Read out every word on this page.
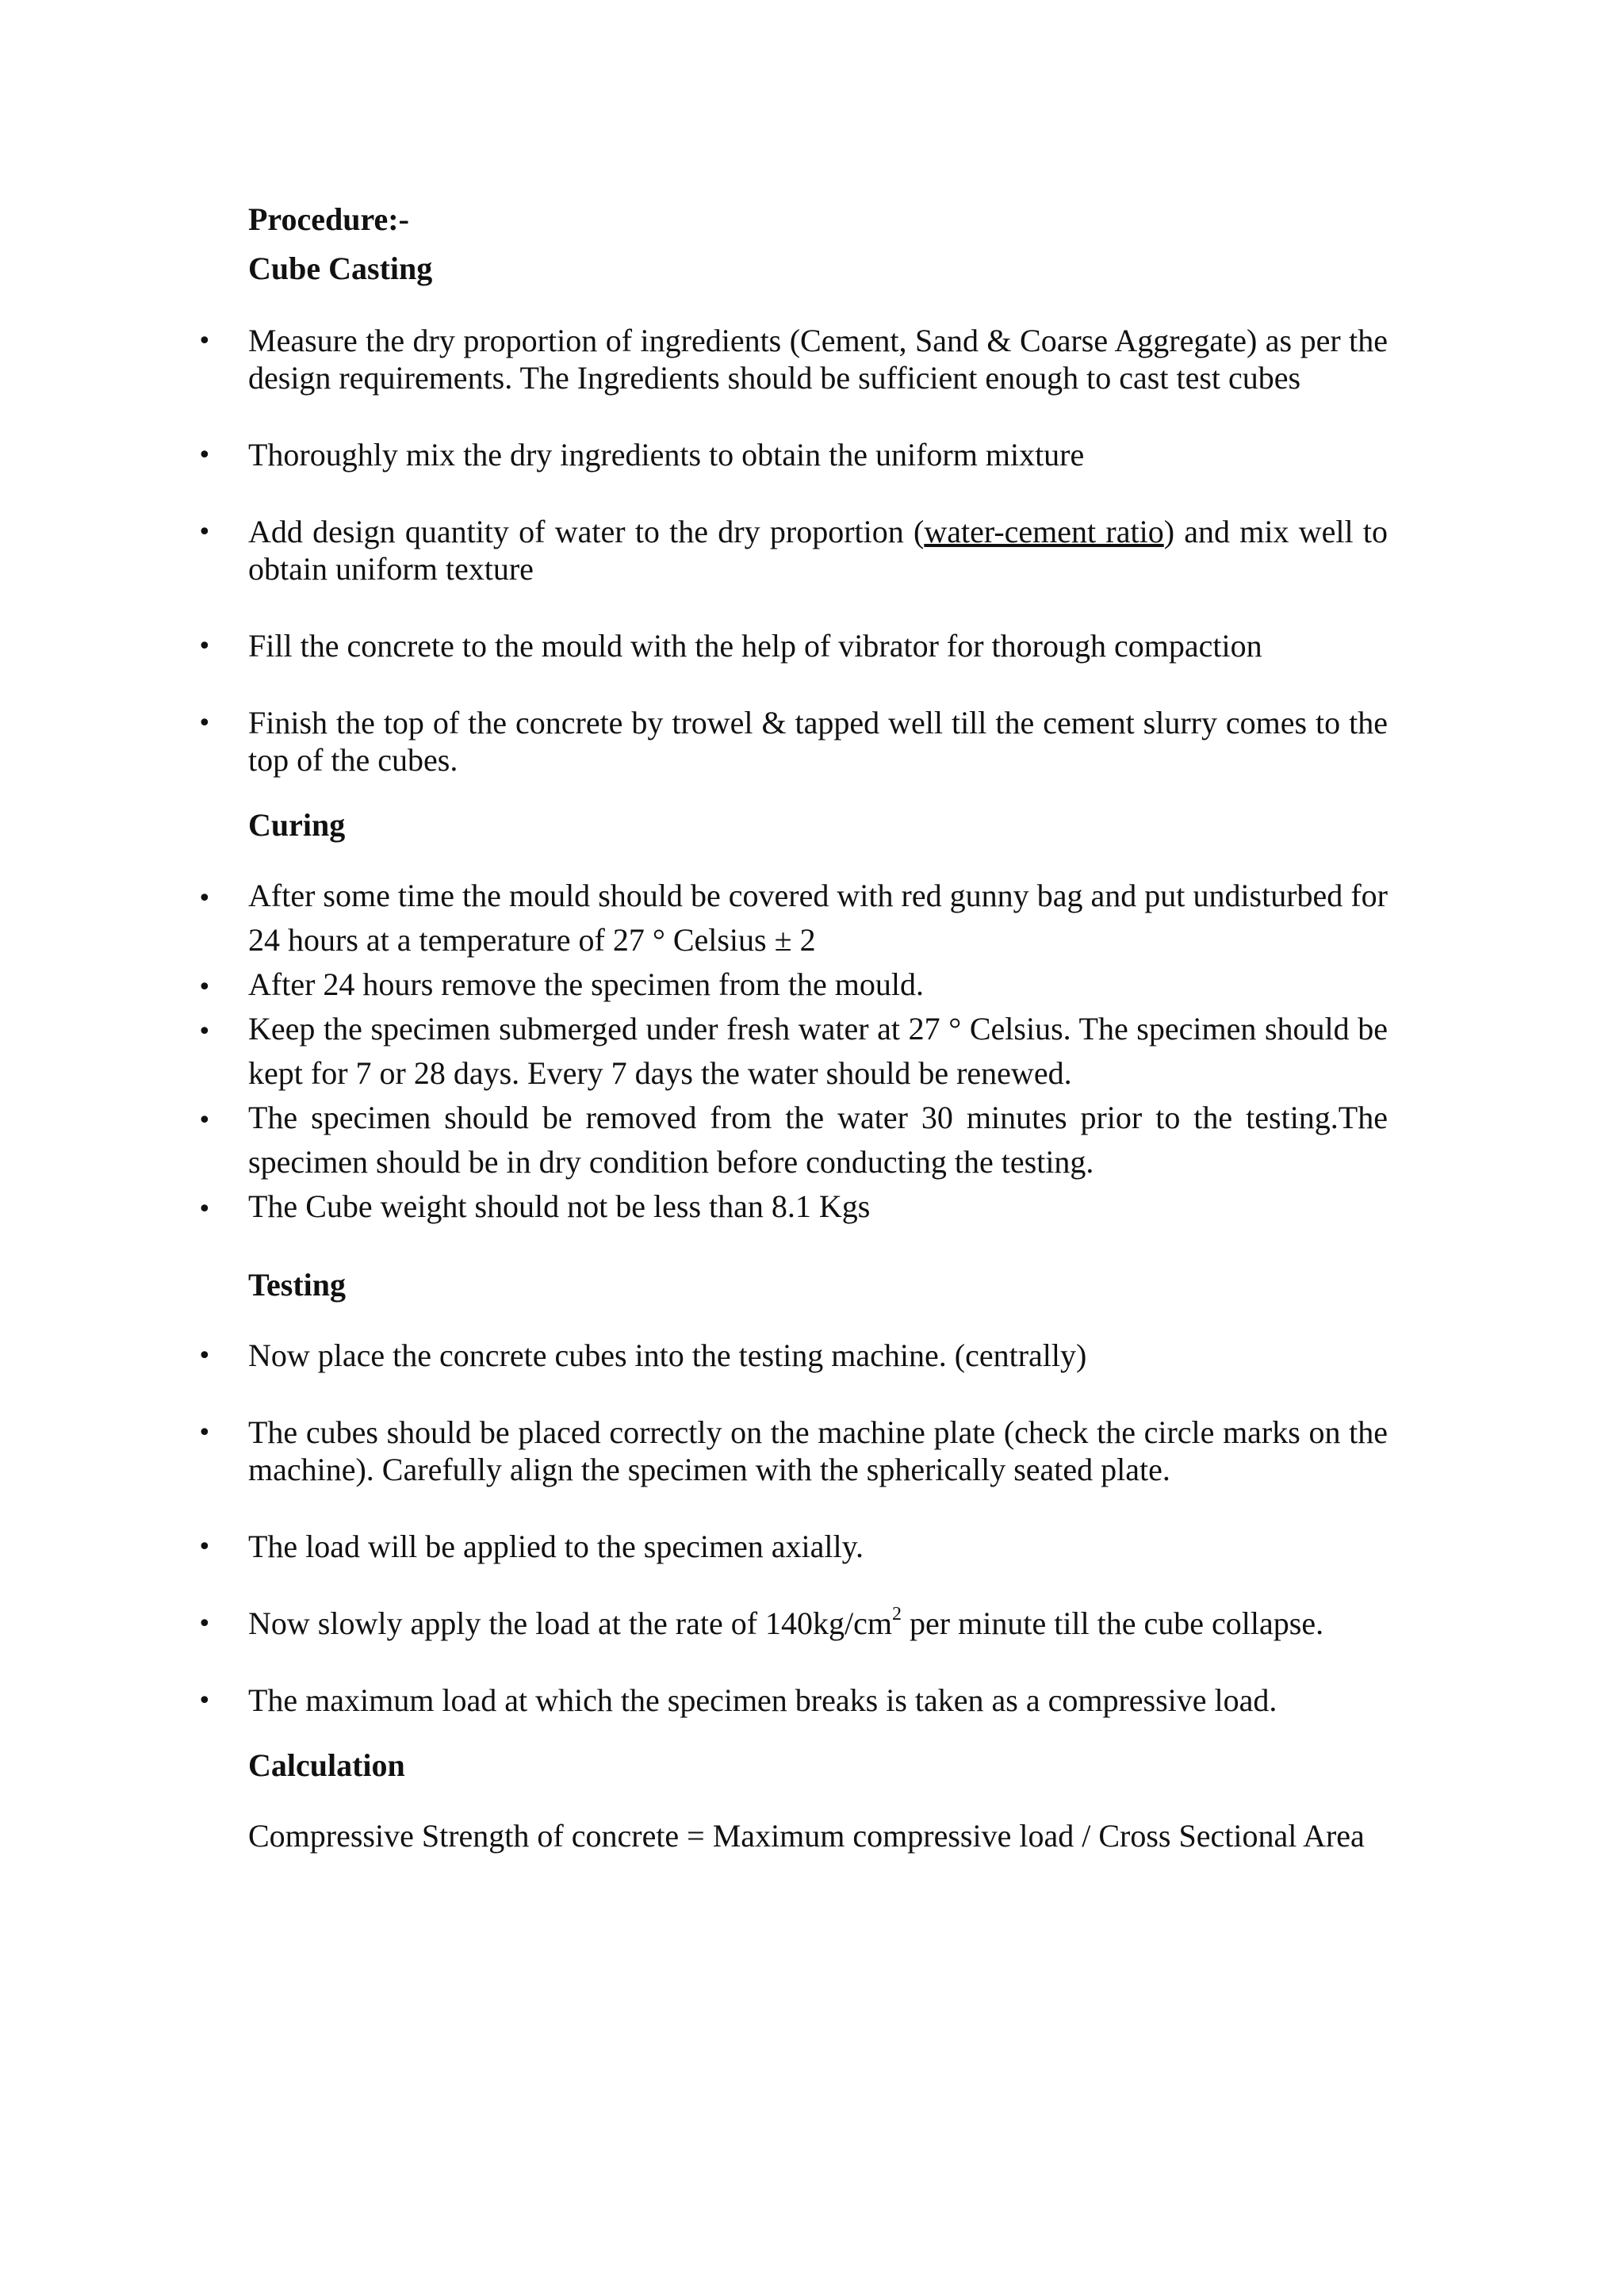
Procedure:-

Cube Casting

• Measure the dry proportion of ingredients (Cement, Sand & Coarse Aggregate) as per the design requirements. The Ingredients should be sufficient enough to cast test cubes
• Thoroughly mix the dry ingredients to obtain the uniform mixture
• Add design quantity of water to the dry proportion (water-cement ratio) and mix well to obtain uniform texture
• Fill the concrete to the mould with the help of vibrator for thorough compaction
• Finish the top of the concrete by trowel & tapped well till the cement slurry comes to the top of the cubes.

Curing

• After some time the mould should be covered with red gunny bag and put undisturbed for 24 hours at a temperature of 27 ° Celsius ± 2
• After 24 hours remove the specimen from the mould.
• Keep the specimen submerged under fresh water at 27 ° Celsius. The specimen should be kept for 7 or 28 days. Every 7 days the water should be renewed.
• The specimen should be removed from the water 30 minutes prior to the testing.The specimen should be in dry condition before conducting the testing.
• The Cube weight should not be less than 8.1 Kgs

Testing

• Now place the concrete cubes into the testing machine. (centrally)
• The cubes should be placed correctly on the machine plate (check the circle marks on the machine). Carefully align the specimen with the spherically seated plate.
• The load will be applied to the specimen axially.
• Now slowly apply the load at the rate of $140kg/cm^2$ per minute till the cube collapse.
• The maximum load at which the specimen breaks is taken as a compressive load.

Calculation

Compressive Strength of concrete = Maximum compressive load / Cross Sectional Area
